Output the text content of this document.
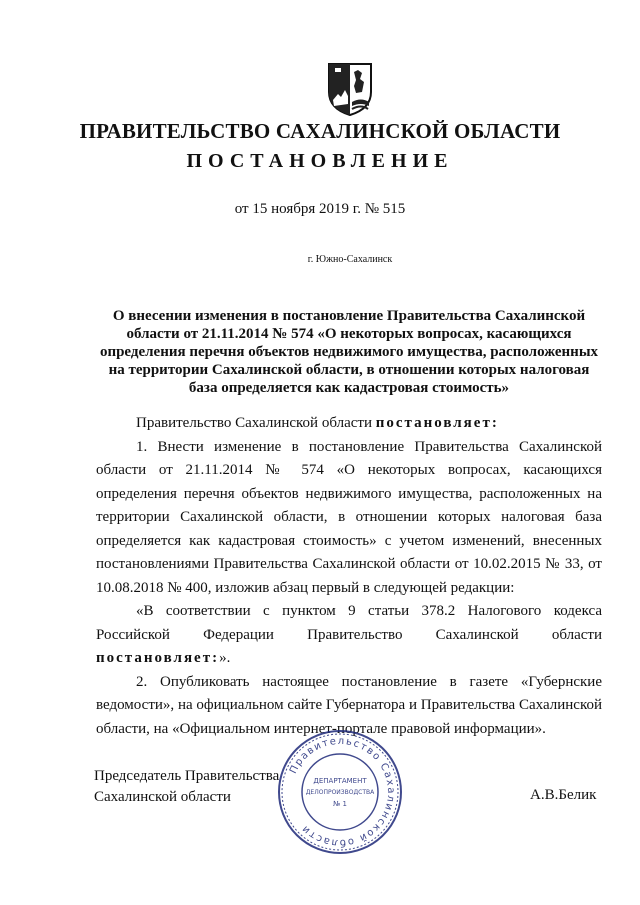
ПРАВИТЕЛЬСТВО САХАЛИНСКОЙ ОБЛАСТИ
ПОСТАНОВЛЕНИЕ

от 15 ноября 2019 г. № 515

г. Южно-Сахалинск

О внесении изменения в постановление Правительства Сахалинской области от 21.11.2014 № 574 «О некоторых вопросах, касающихся определения перечня объектов недвижимого имущества, расположенных на территории Сахалинской области, в отношении которых налоговая база определяется как кадастровая стоимость»

Правительство Сахалинской области постановляет:

1. Внести изменение в постановление Правительства Сахалинской области от 21.11.2014 № 574 «О некоторых вопросах, касающихся определения перечня объектов недвижимого имущества, расположенных на территории Сахалинской области, в отношении которых налоговая база определяется как кадастровая стоимость» с учетом изменений, внесенных постановлениями Правительства Сахалинской области от 10.02.2015 № 33, от 10.08.2018 № 400, изложив абзац первый в следующей редакции:

«В соответствии с пунктом 9 статьи 378.2 Налогового кодекса Российской Федерации Правительство Сахалинской области постановляет:».

2. Опубликовать настоящее постановление в газете «Губернские ведомости», на официальном сайте Губернатора и Правительства Сахалинской области, на «Официальном интернет-портале правовой информации».

Председатель Правительства
Сахалинской области	А.В.Белик
Правительство Сахалинской области
ДЕПАРТАМЕНТ
ДЕЛОПРОИЗВОДСТВА
№ 1
